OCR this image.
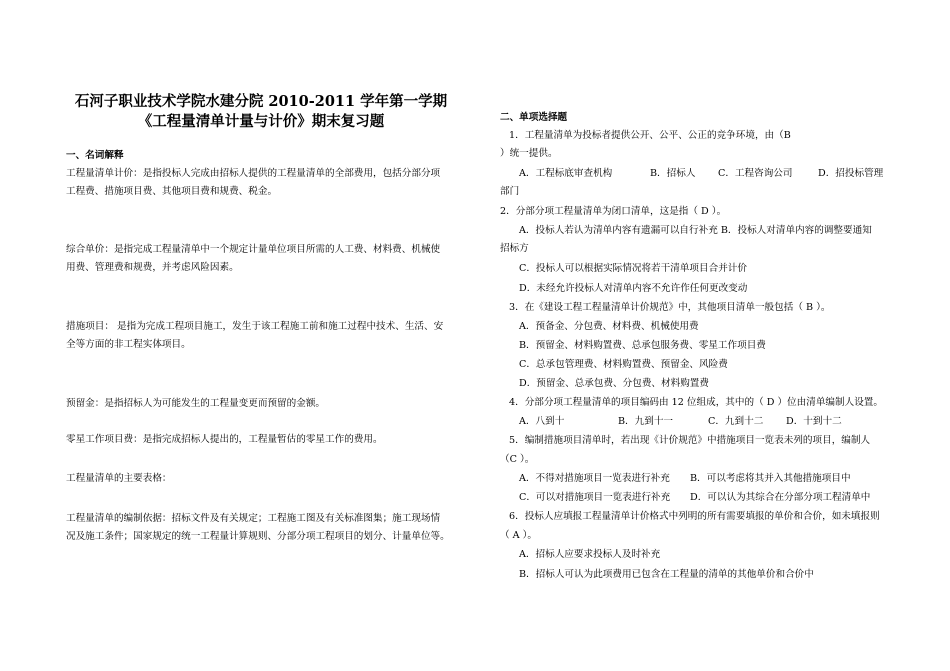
石河子职业技术学院水建分院 2010-2011 学年第一学期
《工程量清单计量与计价》期末复习题
一、名词解释
工程量清单计价：是指投标人完成由招标人提供的工程量清单的全部费用，包括分部分项
工程费、措施项目费、其他项目费和规费、税金。
综合单价：是指完成工程量清单中一个规定计量单位项目所需的人工费、材料费、机械使
用费、管理费和规费，并考虑风险因素。
措施项目： 是指为完成工程项目施工，发生于该工程施工前和施工过程中技术、生活、安
全等方面的非工程实体项目。
预留金：是指招标人为可能发生的工程量变更而预留的金额。
零星工作项目费：是指完成招标人提出的，工程量暂估的零星工作的费用。
工程量清单的主要表格：
工程量清单的编制依据：招标文件及有关规定；工程施工图及有关标准图集；施工现场情
况及施工条件；国家规定的统一工程量计算规则、分部分项工程项目的划分、计量单位等。
二、单项选择题
1．工程量清单为投标者提供公开、公平、公正的竞争环境，由（B
）统一提供。
A．工程标底审查机构	B．招标人 C．工程咨询公司	D．招投标管理
部门
2．分部分项工程量清单为闭口清单，这是指（ D ）。
A．投标人若认为清单内容有遗漏可以自行补充 B．投标人对清单内容的调整要通知
招标方
C．投标人可以根据实际情况将若干清单项目合并计价
D．未经允许投标人对清单内容不允许作任何更改变动
3．在《建设工程工程量清单计价规范》中，其他项目清单一般包括（ B ）。
A．预备金、分包费、材料费、机械使用费
B．预留金、材料购置费、总承包服务费、零星工作项目费
C．总承包管理费、材料购置费、预留金、风险费
D．预留金、总承包费、分包费、材料购置费
4．分部分项工程量清单的项目编码由 12 位组成，其中的（ D ）位由清单编制人设置。
A．八到十	B．九到十一	C．九到十二 D．十到十二
5．编制措施项目清单时，若出现《计价规范》中措施项目一览表未列的项目，编制人
（C ）。
A．不得对措施项目一览表进行补充 B．可以考虑将其并入其他措施项目中
C．可以对措施项目一览表进行补充 D．可以认为其综合在分部分项工程清单中
6．投标人应填报工程量清单计价格式中列明的所有需要填报的单价和合价，如未填报则
（ A ）。
A．招标人应要求投标人及时补充
B．招标人可认为此项费用已包含在工程量的清单的其他单价和合价中
